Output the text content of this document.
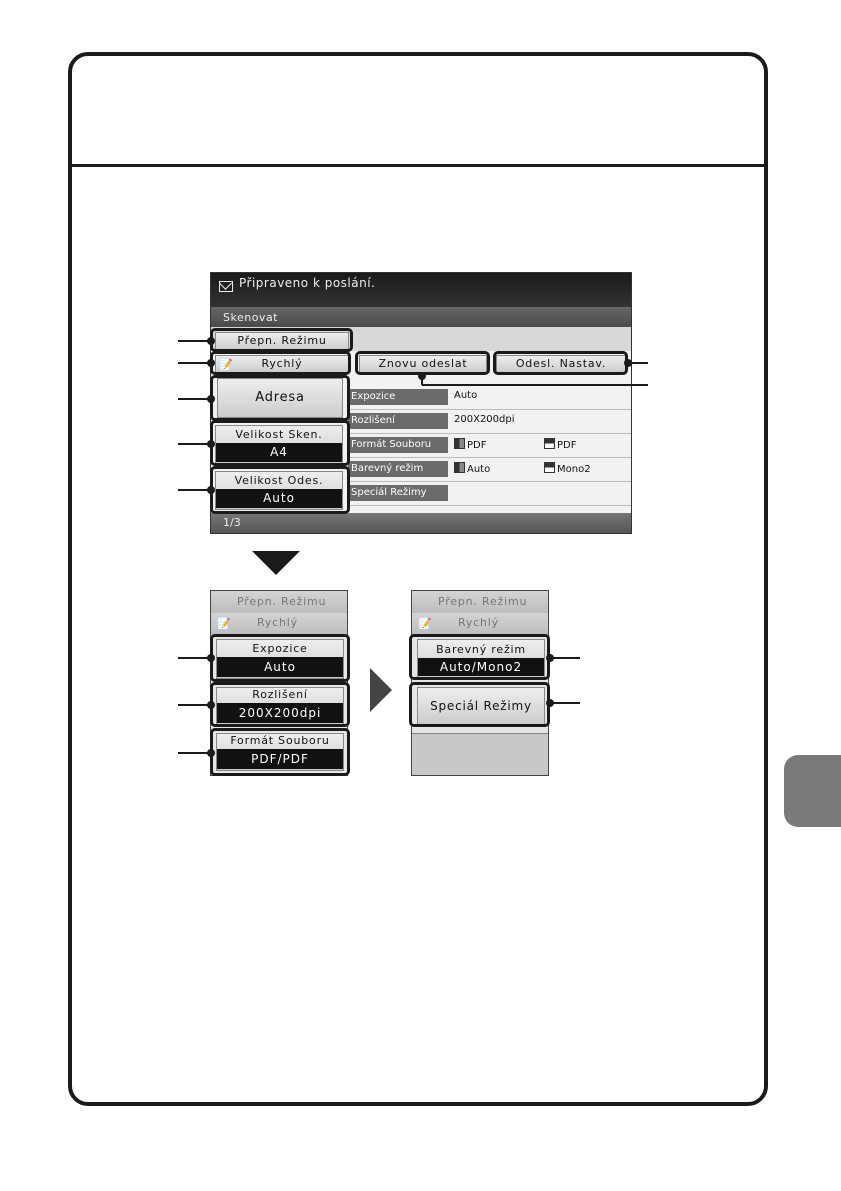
Připraveno k poslání.
Skenovat
Přepn. Režimu
📝	Rychlý	Znovu odeslat	Odesl. Nastav.
Adresa
Velikost Sken.
A4
Velikost Odes.
Auto
Expozice	Auto
Rozlišení	200X200dpi
Formát Souboru	PDF	PDF
Barevný režim	Auto	Mono2
Speciál Režimy
1/3
Přepn. Režimu
📝 Rychlý
Expozice
Auto
Rozlišení
200X200dpi
Formát Souboru
PDF/PDF
Přepn. Režimu
📝 Rychlý
Barevný režim
Auto/Mono2
Speciál Režimy
